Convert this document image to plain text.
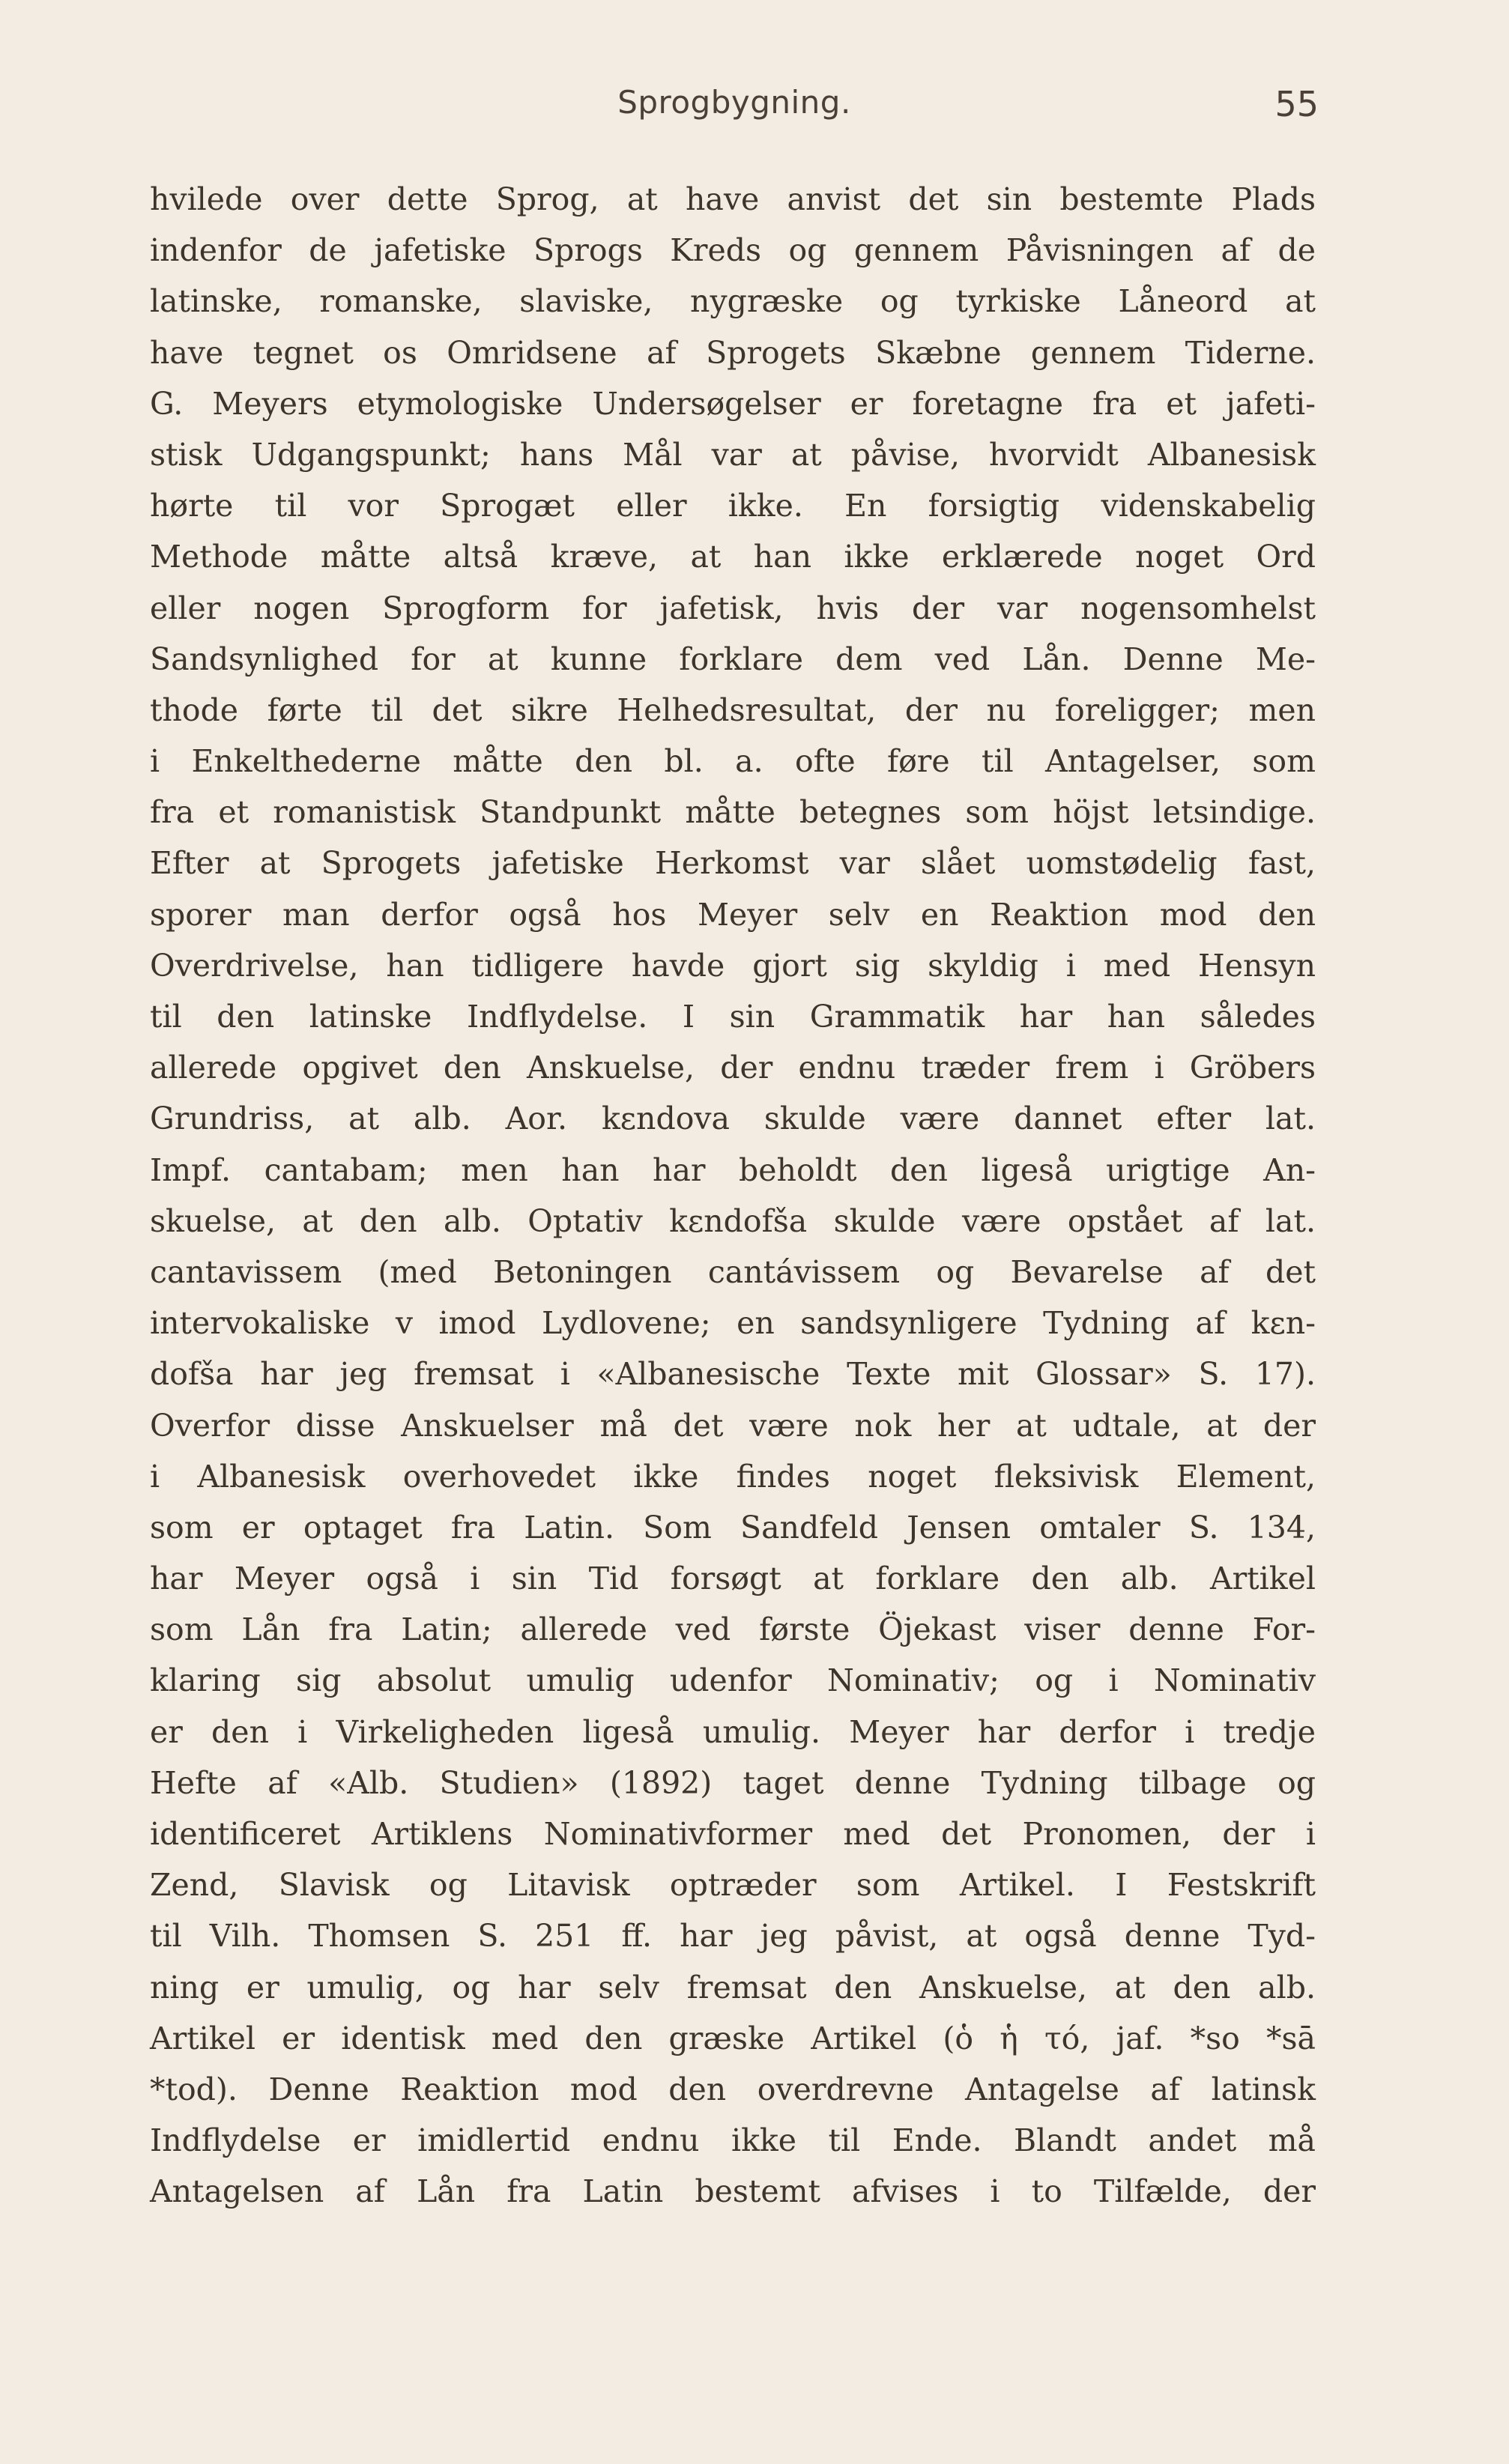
Sprogbygning.	55
hvilede over dette Sprog, at have anvist det sin bestemte Plads
indenfor de jafetiske Sprogs Kreds og gennem Påvisningen af de
latinske, romanske, slaviske, nygræske og tyrkiske Låneord at
have tegnet os Omridsene af Sprogets Skæbne gennem Tiderne.
G. Meyers etymologiske Undersøgelser er foretagne fra et jafeti-
stisk Udgangspunkt; hans Mål var at påvise, hvorvidt Albanesisk
hørte til vor Sprogæt eller ikke. En forsigtig videnskabelig
Methode måtte altså kræve, at han ikke erklærede noget Ord
eller nogen Sprogform for jafetisk, hvis der var nogensomhelst
Sandsynlighed for at kunne forklare dem ved Lån. Denne Me-
thode førte til det sikre Helhedsresultat, der nu foreligger; men
i Enkelthederne måtte den bl. a. ofte føre til Antagelser, som
fra et romanistisk Standpunkt måtte betegnes som höjst letsindige.
Efter at Sprogets jafetiske Herkomst var slået uomstødelig fast,
sporer man derfor også hos Meyer selv en Reaktion mod den
Overdrivelse, han tidligere havde gjort sig skyldig i med Hensyn
til den latinske Indflydelse. I sin Grammatik har han således
allerede opgivet den Anskuelse, der endnu træder frem i Gröbers
Grundriss, at alb. Aor. kɛndova skulde være dannet efter lat.
Impf. cantabam; men han har beholdt den ligeså urigtige An-
skuelse, at den alb. Optativ kɛndofša skulde være opstået af lat.
cantavissem (med Betoningen cantávissem og Bevarelse af det
intervokaliske v imod Lydlovene; en sandsynligere Tydning af kɛn-
dofša har jeg fremsat i «Albanesische Texte mit Glossar» S. 17).
Overfor disse Anskuelser må det være nok her at udtale, at der
i Albanesisk overhovedet ikke findes noget fleksivisk Element,
som er optaget fra Latin. Som Sandfeld Jensen omtaler S. 134,
har Meyer også i sin Tid forsøgt at forklare den alb. Artikel
som Lån fra Latin; allerede ved første Öjekast viser denne For-
klaring sig absolut umulig udenfor Nominativ; og i Nominativ
er den i Virkeligheden ligeså umulig. Meyer har derfor i tredje
Hefte af «Alb. Studien» (1892) taget denne Tydning tilbage og
identificeret Artiklens Nominativformer med det Pronomen, der i
Zend, Slavisk og Litavisk optræder som Artikel. I Festskrift
til Vilh. Thomsen S. 251 ff. har jeg påvist, at også denne Tyd-
ning er umulig, og har selv fremsat den Anskuelse, at den alb.
Artikel er identisk med den græske Artikel (ὁ ἡ τό, jaf. *so *sā
*tod). Denne Reaktion mod den overdrevne Antagelse af latinsk
Indflydelse er imidlertid endnu ikke til Ende. Blandt andet må
Antagelsen af Lån fra Latin bestemt afvises i to Tilfælde, der
